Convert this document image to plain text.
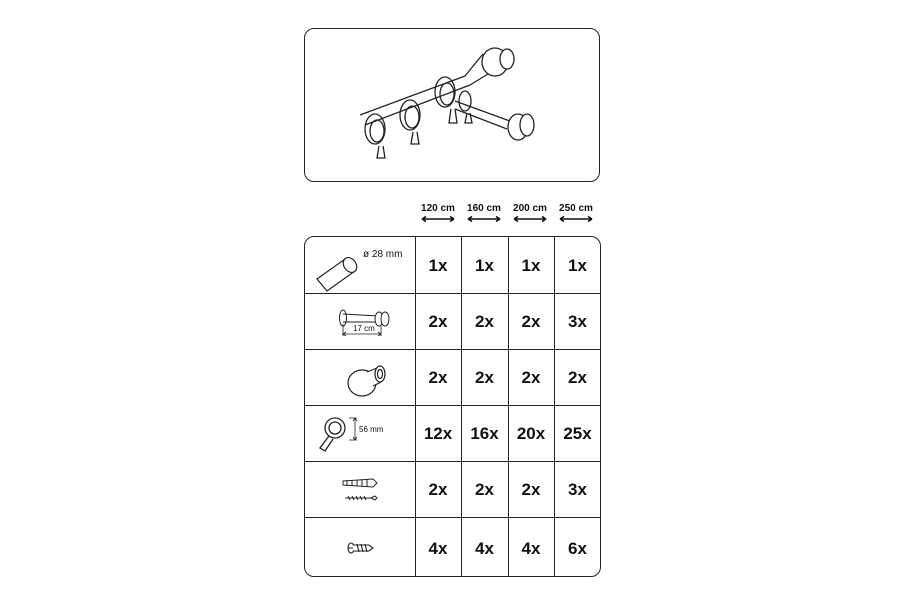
120 cm	160 cm	200 cm	250 cm
ø 28 mm
17 cm
56 mm
1x	1x	1x	1x
2x	2x	2x	3x
2x	2x	2x	2x
12x	16x	20x	25x
2x	2x	2x	3x
4x	4x	4x	6x
